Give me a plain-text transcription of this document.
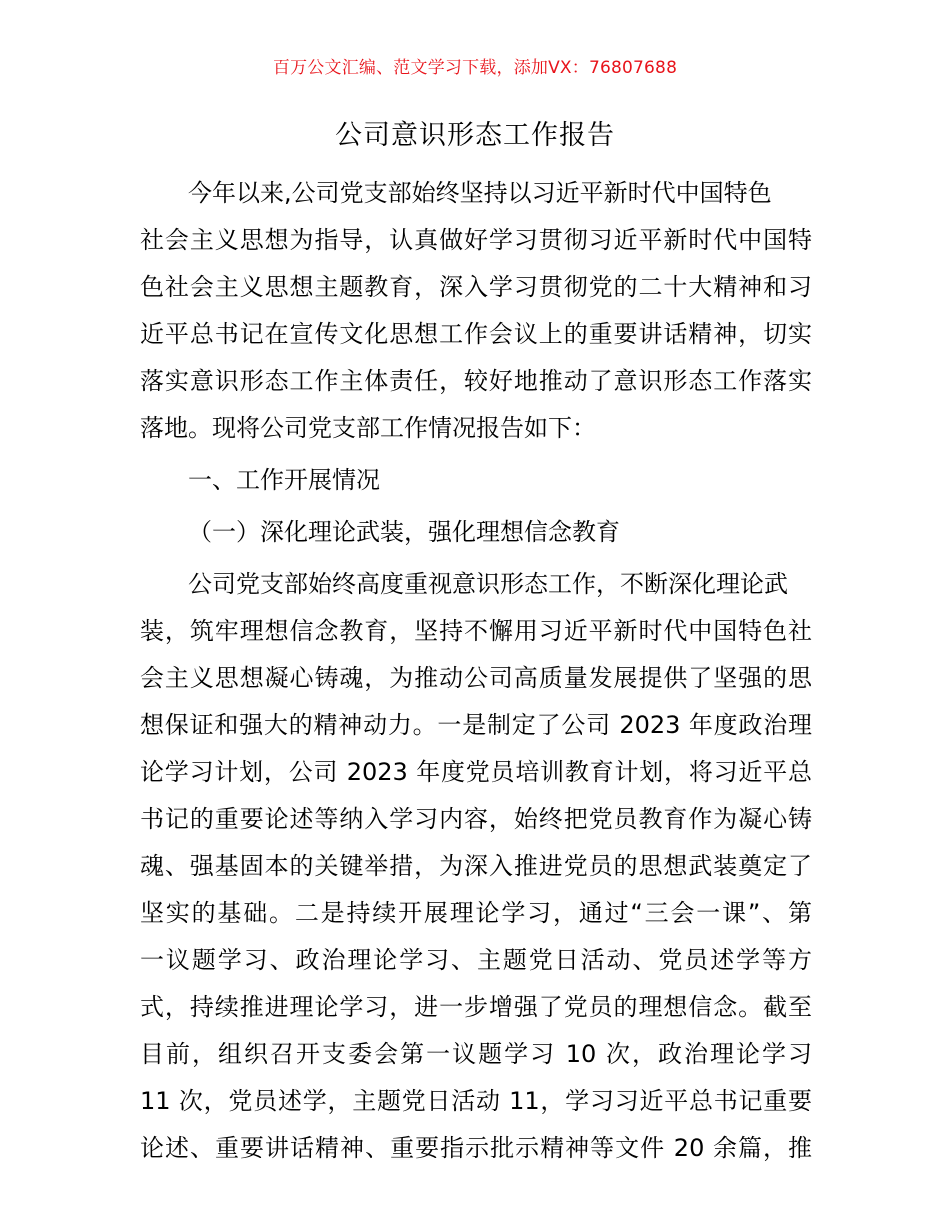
百万公文汇编、范文学习下载，添加VX：76807688
公司意识形态工作报告
今年以来,公司党支部始终坚持以习近平新时代中国特色
社会主义思想为指导，认真做好学习贯彻习近平新时代中国特
色社会主义思想主题教育，深入学习贯彻党的二十大精神和习
近平总书记在宣传文化思想工作会议上的重要讲话精神，切实
落实意识形态工作主体责任，较好地推动了意识形态工作落实
落地。现将公司党支部工作情况报告如下：
一、工作开展情况
（一）深化理论武装，强化理想信念教育
公司党支部始终高度重视意识形态工作，不断深化理论武
装，筑牢理想信念教育，坚持不懈用习近平新时代中国特色社
会主义思想凝心铸魂，为推动公司高质量发展提供了坚强的思
想保证和强大的精神动力。一是制定了公司 2023 年度政治理
论学习计划，公司 2023 年度党员培训教育计划，将习近平总
书记的重要论述等纳入学习内容，始终把党员教育作为凝心铸
魂、强基固本的关键举措，为深入推进党员的思想武装奠定了
坚实的基础。二是持续开展理论学习，通过“三会一课”、第
一议题学习、政治理论学习、主题党日活动、党员述学等方
式，持续推进理论学习，进一步增强了党员的理想信念。截至
目前，组织召开支委会第一议题学习 10 次，政治理论学习
11 次，党员述学，主题党日活动 11，学习习近平总书记重要
论述、重要讲话精神、重要指示批示精神等文件 20 余篇，推
